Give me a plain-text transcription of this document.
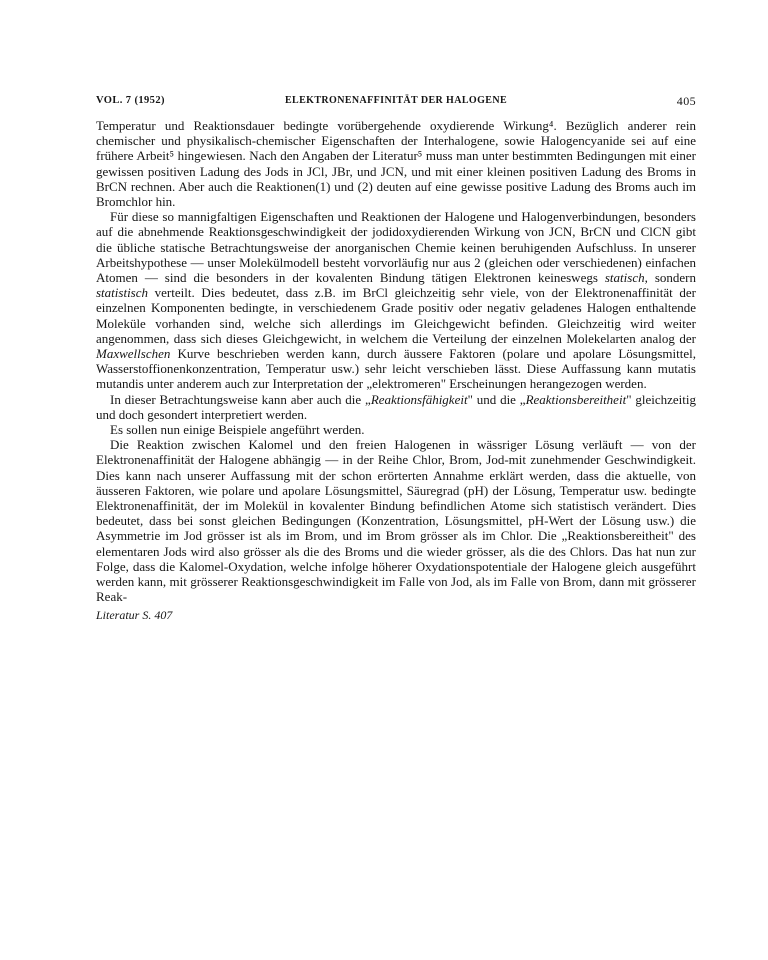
VOL. 7 (1952)	ELEKTRONENAFFINITÄT DER HALOGENE	405

Temperatur und Reaktionsdauer bedingte vorübergehende oxydierende Wirkung⁴. Bezüglich anderer rein chemischer und physikalisch-chemischer Eigenschaften der Interhalogene, sowie Halogencyanide sei auf eine frühere Arbeit⁵ hingewiesen. Nach den Angaben der Literatur⁵ muss man unter bestimmten Bedingungen mit einer gewissen positiven Ladung des Jods in JCl, JBr, und JCN, und mit einer kleinen positiven Ladung des Broms in BrCN rechnen. Aber auch die Reaktionen(1) und (2) deuten auf eine gewisse positive Ladung des Broms auch im Bromchlor hin.

Für diese so mannigfaltigen Eigenschaften und Reaktionen der Halogene und Halogenverbindungen, besonders auf die abnehmende Reaktionsgeschwindigkeit der jodidoxydierenden Wirkung von JCN, BrCN und ClCN gibt die übliche statische Betrachtungsweise der anorganischen Chemie keinen beruhigenden Aufschluss. In unserer Arbeitshypothese — unser Molekülmodell besteht vorvorläufig nur aus 2 (gleichen oder verschiedenen) einfachen Atomen — sind die besonders in der kovalenten Bindung tätigen Elektronen keineswegs statisch, sondern statistisch verteilt. Dies bedeutet, dass z.B. im BrCl gleichzeitig sehr viele, von der Elektronenaffinität der einzelnen Komponenten bedingte, in verschiedenem Grade positiv oder negativ geladenes Halogen enthaltende Moleküle vorhanden sind, welche sich allerdings im Gleichgewicht befinden. Gleichzeitig wird weiter angenommen, dass sich dieses Gleichgewicht, in welchem die Verteilung der einzelnen Molekelarten analog der Maxwellschen Kurve beschrieben werden kann, durch äussere Faktoren (polare und apolare Lösungsmittel, Wasserstoffionenkonzentration, Temperatur usw.) sehr leicht verschieben lässt. Diese Auffassung kann mutatis mutandis unter anderem auch zur Interpretation der „elektromeren" Erscheinungen herangezogen werden.

In dieser Betrachtungsweise kann aber auch die „Reaktionsfähigkeit" und die „Reaktionsbereitheit" gleichzeitig und doch gesondert interpretiert werden.

Es sollen nun einige Beispiele angeführt werden.

Die Reaktion zwischen Kalomel und den freien Halogenen in wässriger Lösung verläuft — von der Elektronenaffinität der Halogene abhängig — in der Reihe Chlor, Brom, Jod-mit zunehmender Geschwindigkeit. Dies kann nach unserer Auffassung mit der schon erörterten Annahme erklärt werden, dass die aktuelle, von äusseren Faktoren, wie polare und apolare Lösungsmittel, Säuregrad (pH) der Lösung, Temperatur usw. bedingte Elektronenaffinität, der im Molekül in kovalenter Bindung befindlichen Atome sich statistisch verändert. Dies bedeutet, dass bei sonst gleichen Bedingungen (Konzentration, Lösungsmittel, pH-Wert der Lösung usw.) die Asymmetrie im Jod grösser ist als im Brom, und im Brom grösser als im Chlor. Die „Reaktionsbereitheit" des elementaren Jods wird also grösser als die des Broms und die wieder grösser, als die des Chlors. Das hat nun zur Folge, dass die Kalomel-Oxydation, welche infolge höherer Oxydationspotentiale der Halogene gleich ausgeführt werden kann, mit grösserer Reaktionsgeschwindigkeit im Falle von Jod, als im Falle von Brom, dann mit grösserer Reak-

Literatur S. 407
